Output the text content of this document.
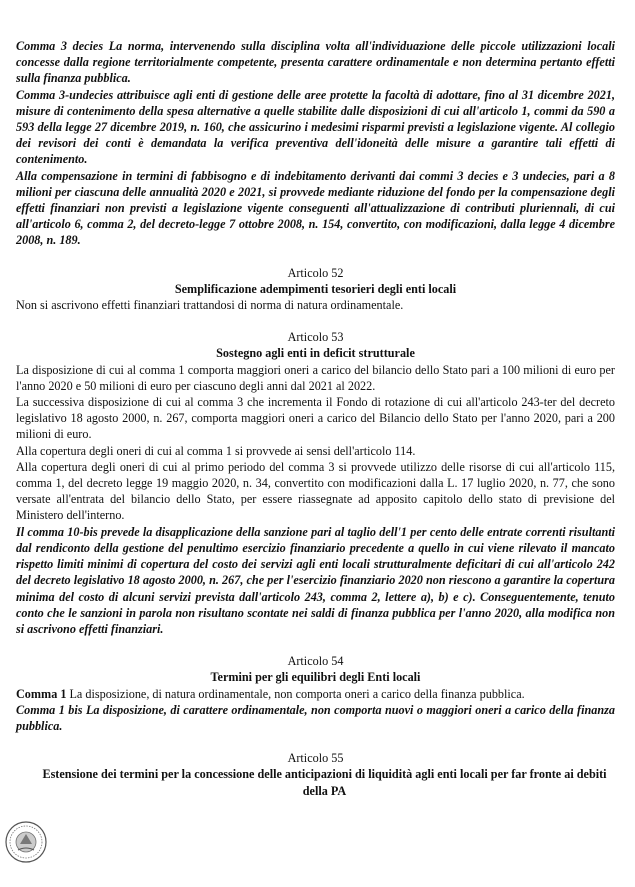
Comma 3 decies La norma, intervenendo sulla disciplina volta all'individuazione delle piccole utilizzazioni locali concesse dalla regione territorialmente competente, presenta carattere ordinamentale e non determina pertanto effetti sulla finanza pubblica.

Comma 3-undecies attribuisce agli enti di gestione delle aree protette la facoltà di adottare, fino al 31 dicembre 2021, misure di contenimento della spesa alternative a quelle stabilite dalle disposizioni di cui all'articolo 1, commi da 590 a 593 della legge 27 dicembre 2019, n. 160, che assicurino i medesimi risparmi previsti a legislazione vigente. Al collegio dei revisori dei conti è demandata la verifica preventiva dell'idoneità delle misure a garantire tali effetti di contenimento.

Alla compensazione in termini di fabbisogno e di indebitamento derivanti dai commi 3 decies e 3 undecies, pari a 8 milioni per ciascuna delle annualità 2020 e 2021, si provvede mediante riduzione del fondo per la compensazione degli effetti finanziari non previsti a legislazione vigente conseguenti all'attualizzazione di contributi pluriennali, di cui all'articolo 6, comma 2, del decreto-legge 7 ottobre 2008, n. 154, convertito, con modificazioni, dalla legge 4 dicembre 2008, n. 189.

Articolo 52

Semplificazione adempimenti tesorieri degli enti locali

Non si ascrivono effetti finanziari trattandosi di norma di natura ordinamentale.

Articolo 53

Sostegno agli enti in deficit strutturale

La disposizione di cui al comma 1 comporta maggiori oneri a carico del bilancio dello Stato pari a 100 milioni di euro per l'anno 2020 e 50 milioni di euro per ciascuno degli anni dal 2021 al 2022.

La successiva disposizione di cui al comma 3 che incrementa il Fondo di rotazione di cui all'articolo 243-ter del decreto legislativo 18 agosto 2000, n. 267, comporta maggiori oneri a carico del Bilancio dello Stato per l'anno 2020, pari a 200 milioni di euro.

Alla copertura degli oneri di cui al comma 1 si provvede ai sensi dell'articolo 114.

Alla copertura degli oneri di cui al primo periodo del comma 3 si provvede utilizzo delle risorse di cui all'articolo 115, comma 1, del decreto legge 19 maggio 2020, n. 34, convertito con modificazioni dalla L. 17 luglio 2020, n. 77, che sono versate all'entrata del bilancio dello Stato, per essere riassegnate ad apposito capitolo dello stato di previsione del Ministero dell'interno.

Il comma 10-bis prevede la disapplicazione della sanzione pari al taglio dell'1 per cento delle entrate correnti risultanti dal rendiconto della gestione del penultimo esercizio finanziario precedente a quello in cui viene rilevato il mancato rispetto limiti minimi di copertura del costo dei servizi agli enti locali strutturalmente deficitari di cui all'articolo 242 del decreto legislativo 18 agosto 2000, n. 267, che per l'esercizio finanziario 2020 non riescono a garantire la copertura minima del costo di alcuni servizi prevista dall'articolo 243, comma 2, lettere a), b) e c). Conseguentemente, tenuto conto che le sanzioni in parola non risultano scontate nei saldi di finanza pubblica per l'anno 2020, alla modifica non si ascrivono effetti finanziari.

Articolo 54

Termini per gli equilibri degli Enti locali

Comma 1 La disposizione, di natura ordinamentale, non comporta oneri a carico della finanza pubblica.

Comma 1 bis La disposizione, di carattere ordinamentale, non comporta nuovi o maggiori oneri a carico della finanza pubblica.

Articolo 55

Estensione dei termini per la concessione delle anticipazioni di liquidità agli enti locali per far fronte ai debiti della PA
